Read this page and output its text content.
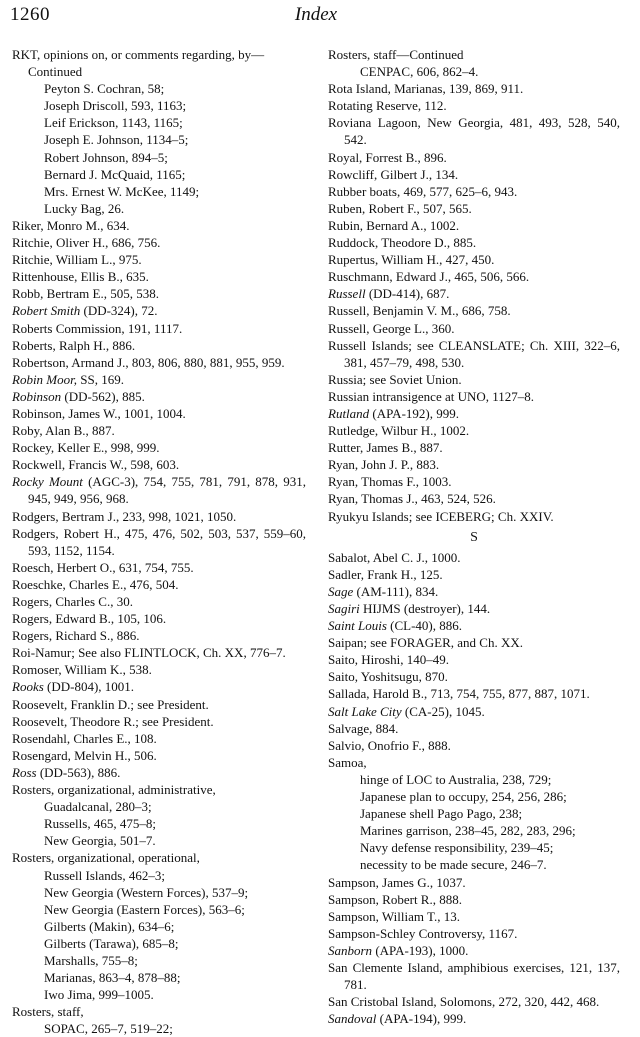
1260	Index
RKT, opinions on, or comments regarding, by—
Continued
Peyton S. Cochran, 58;
Joseph Driscoll, 593, 1163;
Leif Erickson, 1143, 1165;
Joseph E. Johnson, 1134–5;
Robert Johnson, 894–5;
Bernard J. McQuaid, 1165;
Mrs. Ernest W. McKee, 1149;
Lucky Bag, 26.
Riker, Monro M., 634.
Ritchie, Oliver H., 686, 756.
Ritchie, William L., 975.
Rittenhouse, Ellis B., 635.
Robb, Bertram E., 505, 538.
Robert Smith (DD-324), 72.
Roberts Commission, 191, 1117.
Roberts, Ralph H., 886.
Robertson, Armand J., 803, 806, 880, 881, 955, 959.
Robin Moor, SS, 169.
Robinson (DD-562), 885.
Robinson, James W., 1001, 1004.
Roby, Alan B., 887.
Rockey, Keller E., 998, 999.
Rockwell, Francis W., 598, 603.
Rocky Mount (AGC-3), 754, 755, 781, 791, 878, 931, 945, 949, 956, 968.
Rodgers, Bertram J., 233, 998, 1021, 1050.
Rodgers, Robert H., 475, 476, 502, 503, 537, 559–60, 593, 1152, 1154.
Roesch, Herbert O., 631, 754, 755.
Roeschke, Charles E., 476, 504.
Rogers, Charles C., 30.
Rogers, Edward B., 105, 106.
Rogers, Richard S., 886.
Roi-Namur; See also FLINTLOCK, Ch. XX, 776–7.
Romoser, William K., 538.
Rooks (DD-804), 1001.
Roosevelt, Franklin D.; see President.
Roosevelt, Theodore R.; see President.
Rosendahl, Charles E., 108.
Rosengard, Melvin H., 506.
Ross (DD-563), 886.
Rosters, organizational, administrative,
Guadalcanal, 280–3;
Russells, 465, 475–8;
New Georgia, 501–7.
Rosters, organizational, operational,
Russell Islands, 462–3;
New Georgia (Western Forces), 537–9;
New Georgia (Eastern Forces), 563–6;
Gilberts (Makin), 634–6;
Gilberts (Tarawa), 685–8;
Marshalls, 755–8;
Marianas, 863–4, 878–88;
Iwo Jima, 999–1005.
Rosters, staff,
SOPAC, 265–7, 519–22;
Rosters, staff—Continued
CENPAC, 606, 862–4.
Rota Island, Marianas, 139, 869, 911.
Rotating Reserve, 112.
Roviana Lagoon, New Georgia, 481, 493, 528, 540, 542.
Royal, Forrest B., 896.
Rowcliff, Gilbert J., 134.
Rubber boats, 469, 577, 625–6, 943.
Ruben, Robert F., 507, 565.
Rubin, Bernard A., 1002.
Ruddock, Theodore D., 885.
Rupertus, William H., 427, 450.
Ruschmann, Edward J., 465, 506, 566.
Russell (DD-414), 687.
Russell, Benjamin V. M., 686, 758.
Russell, George L., 360.
Russell Islands; see CLEANSLATE; Ch. XIII, 322–6, 381, 457–79, 498, 530.
Russia; see Soviet Union.
Russian intransigence at UNO, 1127–8.
Rutland (APA-192), 999.
Rutledge, Wilbur H., 1002.
Rutter, James B., 887.
Ryan, John J. P., 883.
Ryan, Thomas F., 1003.
Ryan, Thomas J., 463, 524, 526.
Ryukyu Islands; see ICEBERG; Ch. XXIV.
S
Sabalot, Abel C. J., 1000.
Sadler, Frank H., 125.
Sage (AM-111), 834.
Sagiri HIJMS (destroyer), 144.
Saint Louis (CL-40), 886.
Saipan; see FORAGER, and Ch. XX.
Saito, Hiroshi, 140–49.
Saito, Yoshitsugu, 870.
Sallada, Harold B., 713, 754, 755, 877, 887, 1071.
Salt Lake City (CA-25), 1045.
Salvage, 884.
Salvio, Onofrio F., 888.
Samoa,
hinge of LOC to Australia, 238, 729;
Japanese plan to occupy, 254, 256, 286;
Japanese shell Pago Pago, 238;
Marines garrison, 238–45, 282, 283, 296;
Navy defense responsibility, 239–45;
necessity to be made secure, 246–7.
Sampson, James G., 1037.
Sampson, Robert R., 888.
Sampson, William T., 13.
Sampson-Schley Controversy, 1167.
Sanborn (APA-193), 1000.
San Clemente Island, amphibious exercises, 121, 137, 781.
San Cristobal Island, Solomons, 272, 320, 442, 468.
Sandoval (APA-194), 999.
